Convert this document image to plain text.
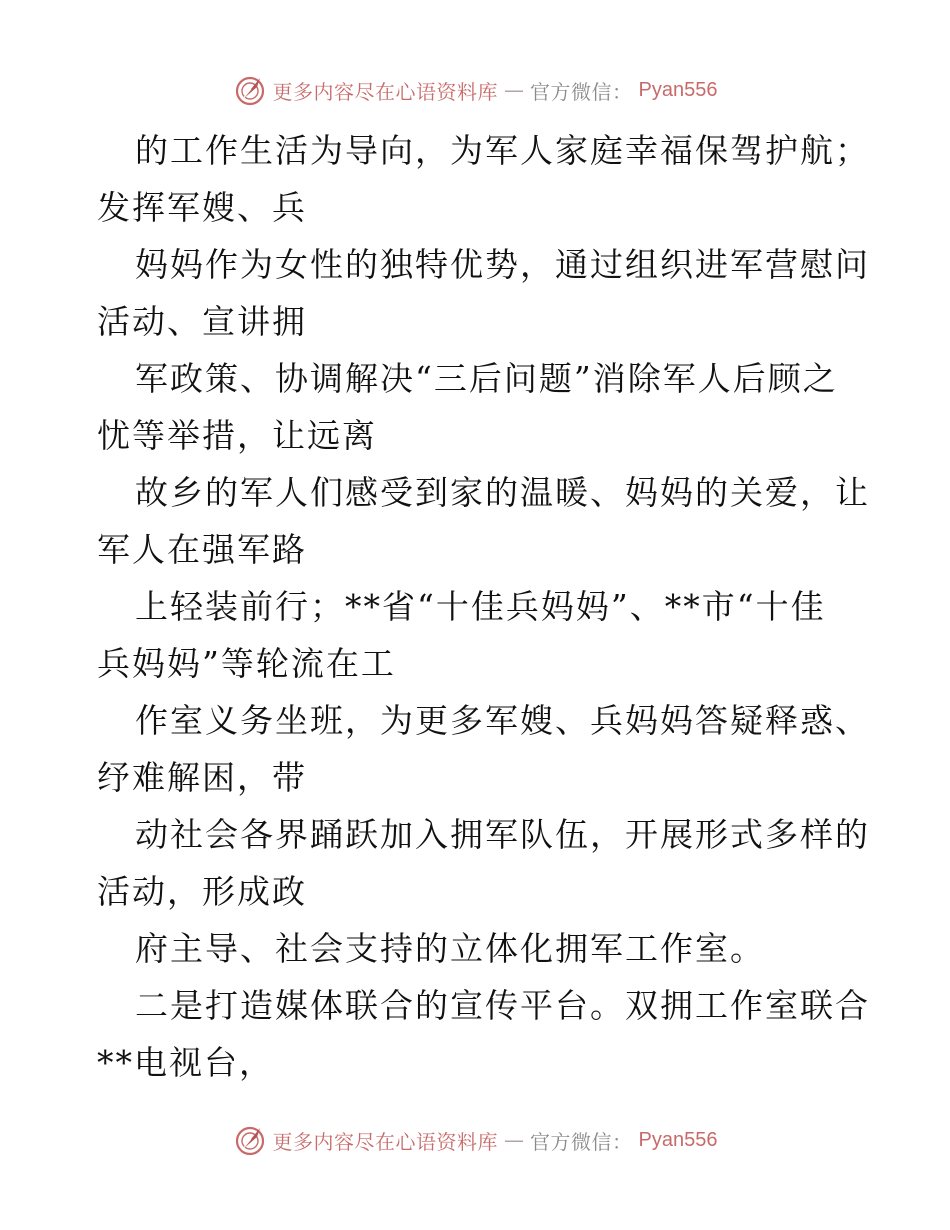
更多内容尽在心语资料库 — 官方微信： Pyan556
的工作生活为导向，为军人家庭幸福保驾护航；
发挥军嫂、兵
妈妈作为女性的独特优势，通过组织进军营慰问
活动、宣讲拥
军政策、协调解决“三后问题”消除军人后顾之
忧等举措，让远离
故乡的军人们感受到家的温暖、妈妈的关爱，让
军人在强军路
上轻装前行；**省“十佳兵妈妈”、**市“十佳
兵妈妈”等轮流在工
作室义务坐班，为更多军嫂、兵妈妈答疑释惑、
纾难解困，带
动社会各界踊跃加入拥军队伍，开展形式多样的
活动，形成政
府主导、社会支持的立体化拥军工作室。
二是打造媒体联合的宣传平台。双拥工作室联合
**电视台，
更多内容尽在心语资料库 — 官方微信： Pyan556
